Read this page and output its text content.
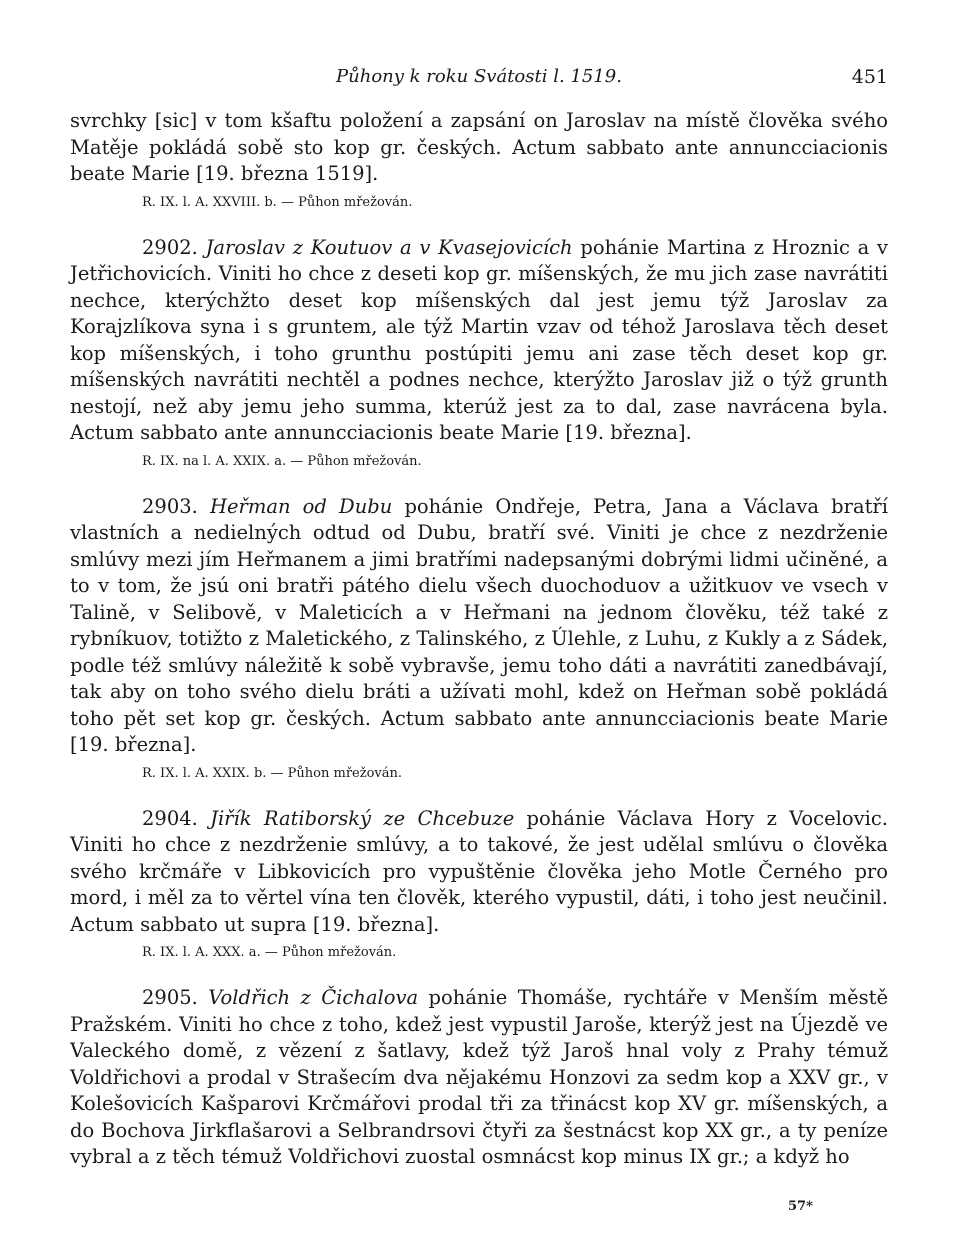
Půhony k roku Svátosti l. 1519.	451

svrchky [sic] v tom kšaftu položení a zapsání on Jaroslav na místě člověka svého Matěje pokládá sobě sto kop gr. českých. Actum sabbato ante annuncciacionis beate Marie [19. března 1519].

R. IX. l. A. XXVIII. b. — Půhon mřežován.

2902. Jaroslav z Koutuov a v Kvasejovicích pohánie Martina z Hroznic a v Jetřichovicích. Viniti ho chce z deseti kop gr. míšenských, že mu jich zase navrátiti nechce, kterýchžto deset kop míšenských dal jest jemu týž Jaroslav za Korajzlíkova syna i s gruntem, ale týž Martin vzav od téhož Jaroslava těch deset kop míšenských, i toho grunthu postúpiti jemu ani zase těch deset kop gr. míšenských navrátiti nechtěl a podnes nechce, kterýžto Jaroslav již o týž grunth nestojí, než aby jemu jeho summa, kterúž jest za to dal, zase navrácena byla. Actum sabbato ante annuncciacionis beate Marie [19. března].

R. IX. na l. A. XXIX. a. — Půhon mřežován.

2903. Heřman od Dubu pohánie Ondřeje, Petra, Jana a Václava bratří vlastních a nedielných odtud od Dubu, bratří své. Viniti je chce z nezdrženie smlúvy mezi jím Heřmanem a jimi bratřími nadepsanými dobrými lidmi učiněné, a to v tom, že jsú oni bratři pátého dielu všech duochoduov a užitkuov ve vsech v Talině, v Selibově, v Maleticích a v Heřmani na jednom člověku, též také z rybníkuov, totižto z Maletického, z Talinského, z Úlehle, z Luhu, z Kukly a z Sádek, podle též smlúvy náležitě k sobě vybravše, jemu toho dáti a navrátiti zanedbávají, tak aby on toho svého dielu bráti a užívati mohl, kdež on Heřman sobě pokládá toho pět set kop gr. českých. Actum sabbato ante annuncciacionis beate Marie [19. března].

R. IX. l. A. XXIX. b. — Půhon mřežován.

2904. Jiřík Ratiborský ze Chcebuze pohánie Václava Hory z Vocelovic. Viniti ho chce z nezdrženie smlúvy, a to takové, že jest udělal smlúvu o člověka svého krčmáře v Libkovicích pro vypuštěnie člověka jeho Motle Černého pro mord, i měl za to věrtel vína ten člověk, kterého vypustil, dáti, i toho jest neučinil. Actum sabbato ut supra [19. března].

R. IX. l. A. XXX. a. — Půhon mřežován.

2905. Voldřich z Čichalova pohánie Thomáše, rychtáře v Menším městě Pražském. Viniti ho chce z toho, kdež jest vypustil Jaroše, kterýž jest na Újezdě ve Valeckého domě, z vězení z šatlavy, kdež týž Jaroš hnal voly z Prahy témuž Voldřichovi a prodal v Strašecím dva nějakému Honzovi za sedm kop a XXV gr., v Kolešovicích Kašparovi Krčmářovi prodal tři za třinácst kop XV gr. míšenských, a do Bochova Jirkflašarovi a Selbrandrsovi čtyři za šestnácst kop XX gr., a ty peníze vybral a z těch témuž Voldřichovi zuostal osmnácst kop minus IX gr.; a když ho

57*
